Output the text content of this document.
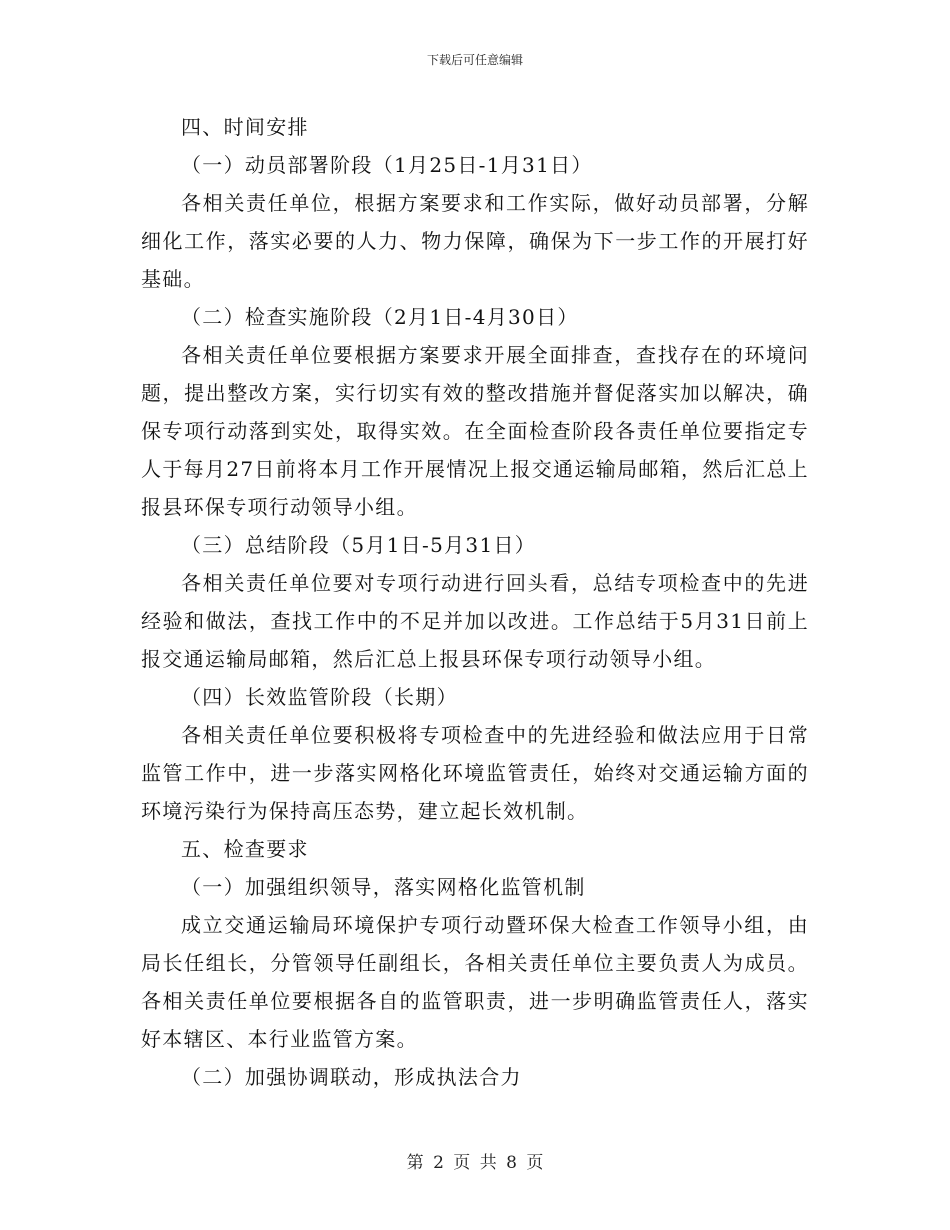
下载后可任意编辑

四、时间安排

（一）动员部署阶段（1月25日-1月31日）

各相关责任单位，根据方案要求和工作实际，做好动员部署，分解细化工作，落实必要的人力、物力保障，确保为下一步工作的开展打好基础。

（二）检查实施阶段（2月1日-4月30日）

各相关责任单位要根据方案要求开展全面排查，查找存在的环境问题，提出整改方案，实行切实有效的整改措施并督促落实加以解决，确保专项行动落到实处，取得实效。在全面检查阶段各责任单位要指定专人于每月27日前将本月工作开展情况上报交通运输局邮箱，然后汇总上报县环保专项行动领导小组。

（三）总结阶段（5月1日-5月31日）

各相关责任单位要对专项行动进行回头看，总结专项检查中的先进经验和做法，查找工作中的不足并加以改进。工作总结于5月31日前上报交通运输局邮箱，然后汇总上报县环保专项行动领导小组。

（四）长效监管阶段（长期）

各相关责任单位要积极将专项检查中的先进经验和做法应用于日常监管工作中，进一步落实网格化环境监管责任，始终对交通运输方面的环境污染行为保持高压态势，建立起长效机制。

五、检查要求

（一）加强组织领导，落实网格化监管机制

成立交通运输局环境保护专项行动暨环保大检查工作领导小组，由局长任组长，分管领导任副组长，各相关责任单位主要负责人为成员。各相关责任单位要根据各自的监管职责，进一步明确监管责任人，落实好本辖区、本行业监管方案。

（二）加强协调联动，形成执法合力

第 2 页 共 8 页
